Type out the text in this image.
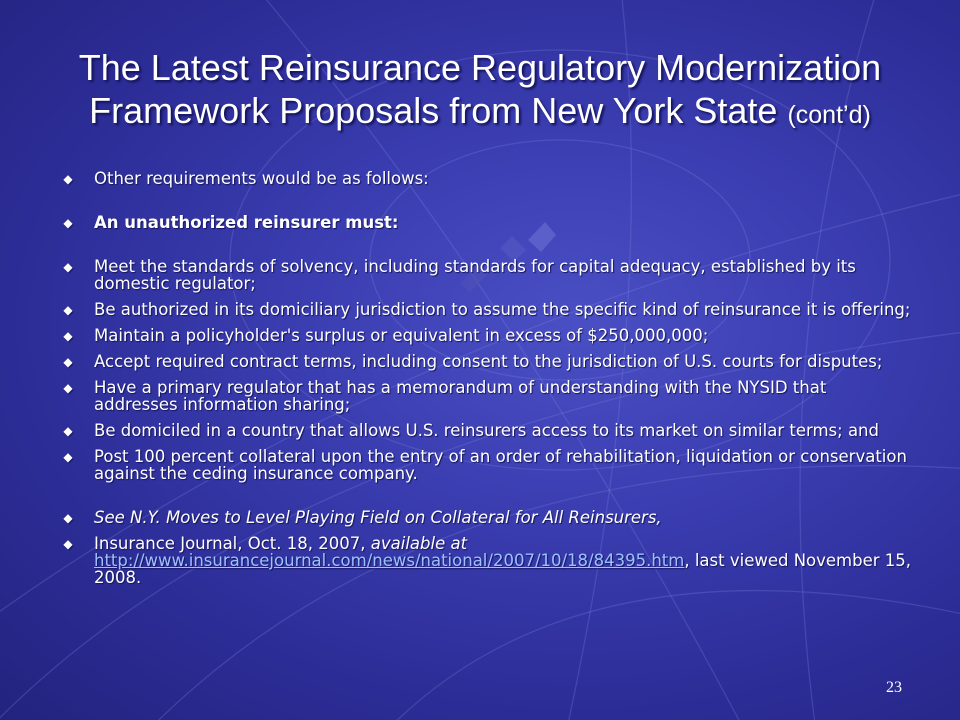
The Latest Reinsurance Regulatory Modernization Framework Proposals from New York State (cont’d)
◆ Other requirements would be as follows:
◆ An unauthorized reinsurer must:
◆ Meet the standards of solvency, including standards for capital adequacy, established by its domestic regulator;
◆ Be authorized in its domiciliary jurisdiction to assume the specific kind of reinsurance it is offering;
◆ Maintain a policyholder's surplus or equivalent in excess of $250,000,000;
◆ Accept required contract terms, including consent to the jurisdiction of U.S. courts for disputes;
◆ Have a primary regulator that has a memorandum of understanding with the NYSID that addresses information sharing;
◆ Be domiciled in a country that allows U.S. reinsurers access to its market on similar terms; and
◆ Post 100 percent collateral upon the entry of an order of rehabilitation, liquidation or conservation against the ceding insurance company.
◆ See N.Y. Moves to Level Playing Field on Collateral for All Reinsurers,
◆ Insurance Journal, Oct. 18, 2007, available at http://www.insurancejournal.com/news/national/2007/10/18/84395.htm, last viewed November 15, 2008.
23
